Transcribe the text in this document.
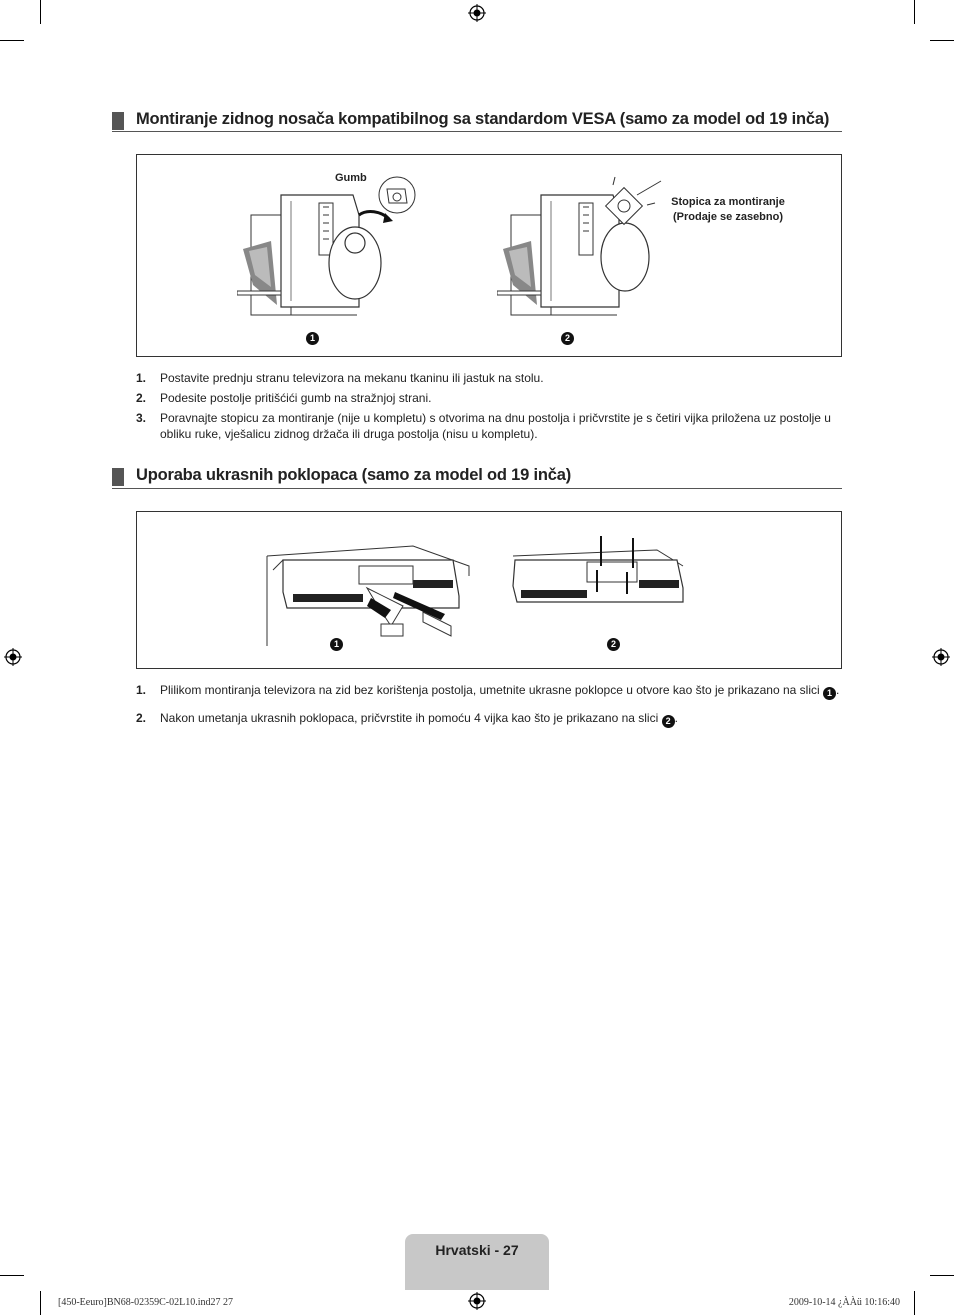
Montiranje zidnog nosača kompatibilnog sa standardom VESA (samo za model od 19 inča)
Gumb
1
Stopica za montiranje
(Prodaje se zasebno)
2
1.	Postavite prednju stranu televizora na mekanu tkaninu ili jastuk na stolu.
2.	Podesite postolje pritišćići gumb na stražnjoj strani.
3.	Poravnajte stopicu za montiranje (nije u kompletu) s otvorima na dnu postolja i pričvrstite je s četiri vijka priložena uz postolje u obliku ruke, vješalicu zidnog držača ili druga postolja (nisu u kompletu).
Uporaba ukrasnih poklopaca (samo za model od 19 inča)
1	2
1.	Plilikom montiranja televizora na zid bez korištenja postolja, umetnite ukrasne poklopce u otvore kao što je prikazano na slici 1 .
2.	Nakon umetanja ukrasnih poklopaca, pričvrstite ih pomoću 4 vijka kao što je prikazano na slici 2 .
Hrvatski - 27
[450-Eeuro]BN68-02359C-02L10.ind27 27	2009-10-14 ¿ÀÀü 10:16:40
